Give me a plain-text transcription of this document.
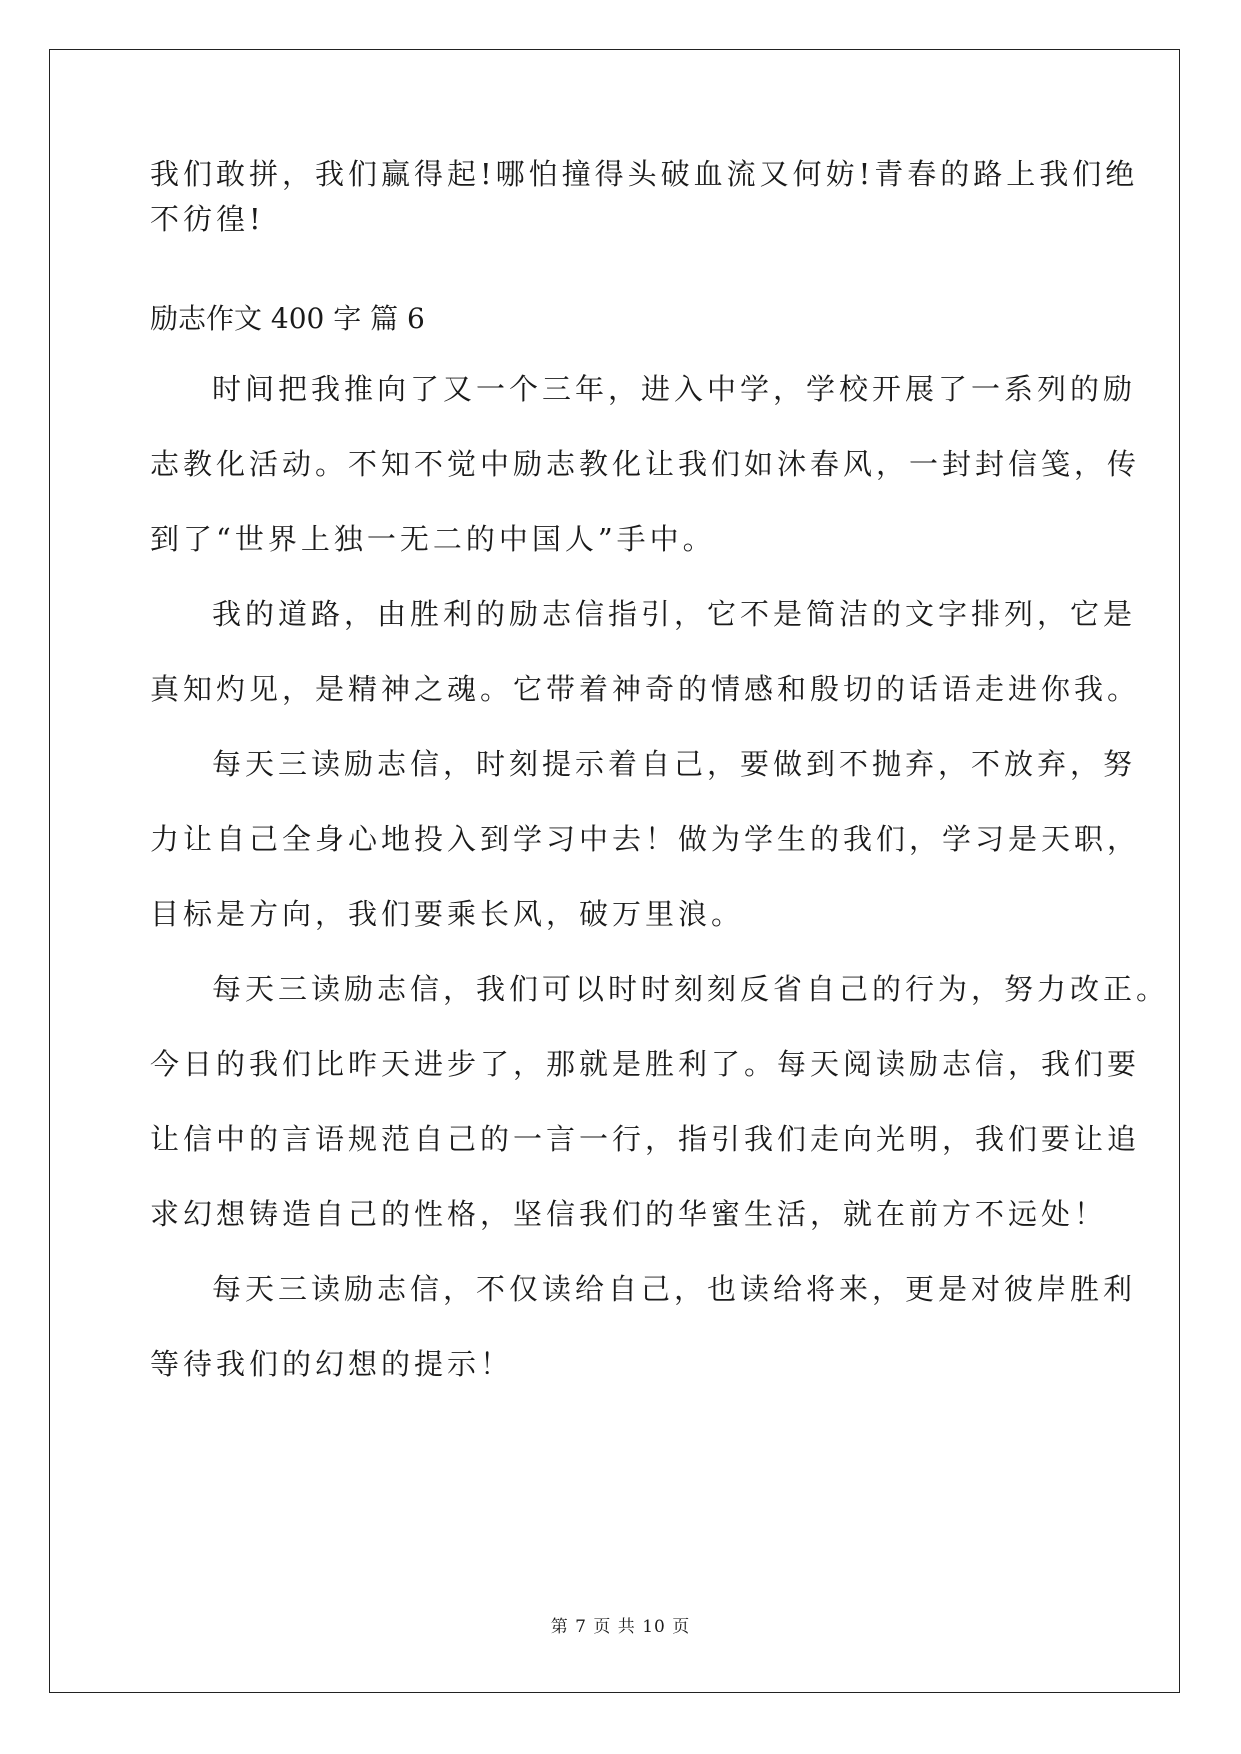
我们敢拼，我们赢得起!哪怕撞得头破血流又何妨!青春的路上我们绝
不彷徨!
励志作文 400 字 篇 6
时间把我推向了又一个三年，进入中学，学校开展了一系列的励
志教化活动。不知不觉中励志教化让我们如沐春风，一封封信笺，传
到了“世界上独一无二的中国人”手中。
我的道路，由胜利的励志信指引，它不是简洁的文字排列，它是
真知灼见，是精神之魂。它带着神奇的情感和殷切的话语走进你我。
每天三读励志信，时刻提示着自己，要做到不抛弃，不放弃，努
力让自己全身心地投入到学习中去！做为学生的我们，学习是天职，
目标是方向，我们要乘长风，破万里浪。
每天三读励志信，我们可以时时刻刻反省自己的行为，努力改正。
今日的我们比昨天进步了，那就是胜利了。每天阅读励志信，我们要
让信中的言语规范自己的一言一行，指引我们走向光明，我们要让追
求幻想铸造自己的性格，坚信我们的华蜜生活，就在前方不远处！
每天三读励志信，不仅读给自己，也读给将来，更是对彼岸胜利
等待我们的幻想的提示！
第 7 页 共 10 页
